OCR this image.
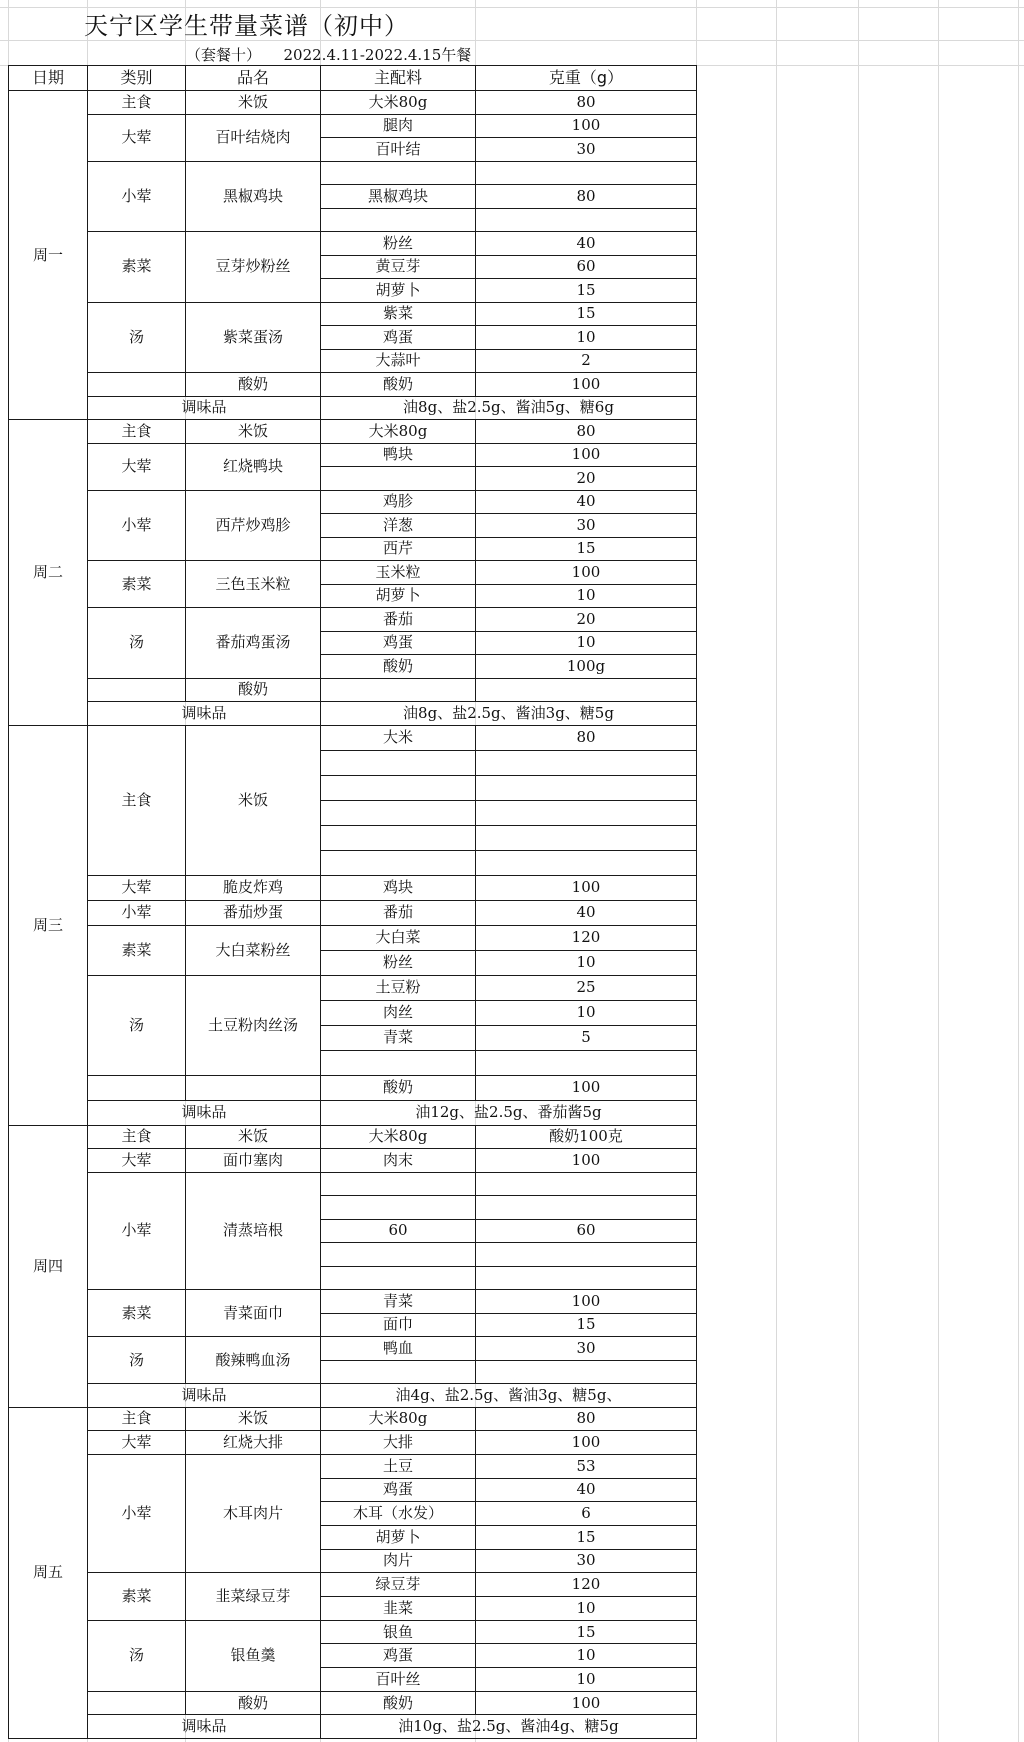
天宁区学生带量菜谱（初中）
（套餐十）　　2022.4.11-2022.4.15午餐
日期	类别	品名	主配料	克重（g）
周一	主食	米饭	大米80g	80
	大荤	百叶结烧肉	腿肉	100
			百叶结	30
	小荤	黑椒鸡块		
			黑椒鸡块	80

	素菜	豆芽炒粉丝	粉丝	40
			黄豆芽	60
			胡萝卜	15
	汤	紫菜蛋汤	紫菜	15
			鸡蛋	10
			大蒜叶	2
		酸奶	酸奶	100
	调味品		油8g、盐2.5g、酱油5g、糖6g	
周二	主食	米饭	大米80g	80
	大荤	红烧鸭块	鸭块	100
				20
	小荤	西芹炒鸡胗	鸡胗	40
			洋葱	30
			西芹	15
	素菜	三色玉米粒	玉米粒	100
			胡萝卜	10
	汤	番茄鸡蛋汤	番茄	20
			鸡蛋	10
			酸奶	100g
		酸奶		
	调味品		油8g、盐2.5g、酱油3g、糖5g	
周三	主食	米饭	大米	80

	大荤	脆皮炸鸡	鸡块	100
	小荤	番茄炒蛋	番茄	40
	素菜	大白菜粉丝	大白菜	120
			粉丝	10
	汤	土豆粉肉丝汤	土豆粉	25
			肉丝	10
			青菜	5

			酸奶	100
	调味品		油12g、盐2.5g、番茄酱5g	
周四	主食	米饭	大米80g	酸奶100克
	大荤	面巾塞肉	肉末	100
	小荤	清蒸培根		

			60	60

	素菜	青菜面巾	青菜	100
			面巾	15
	汤	酸辣鸭血汤	鸭血	30

	调味品		油4g、盐2.5g、酱油3g、糖5g、	
周五	主食	米饭	大米80g	80
	大荤	红烧大排	大排	100
	小荤	木耳肉片	土豆	53
			鸡蛋	40
			木耳（水发）	6
			胡萝卜	15
			肉片	30
	素菜	韭菜绿豆芽	绿豆芽	120
			韭菜	10
	汤	银鱼羹	银鱼	15
			鸡蛋	10
			百叶丝	10
		酸奶	酸奶	100
	调味品		油10g、盐2.5g、酱油4g、糖5g	
